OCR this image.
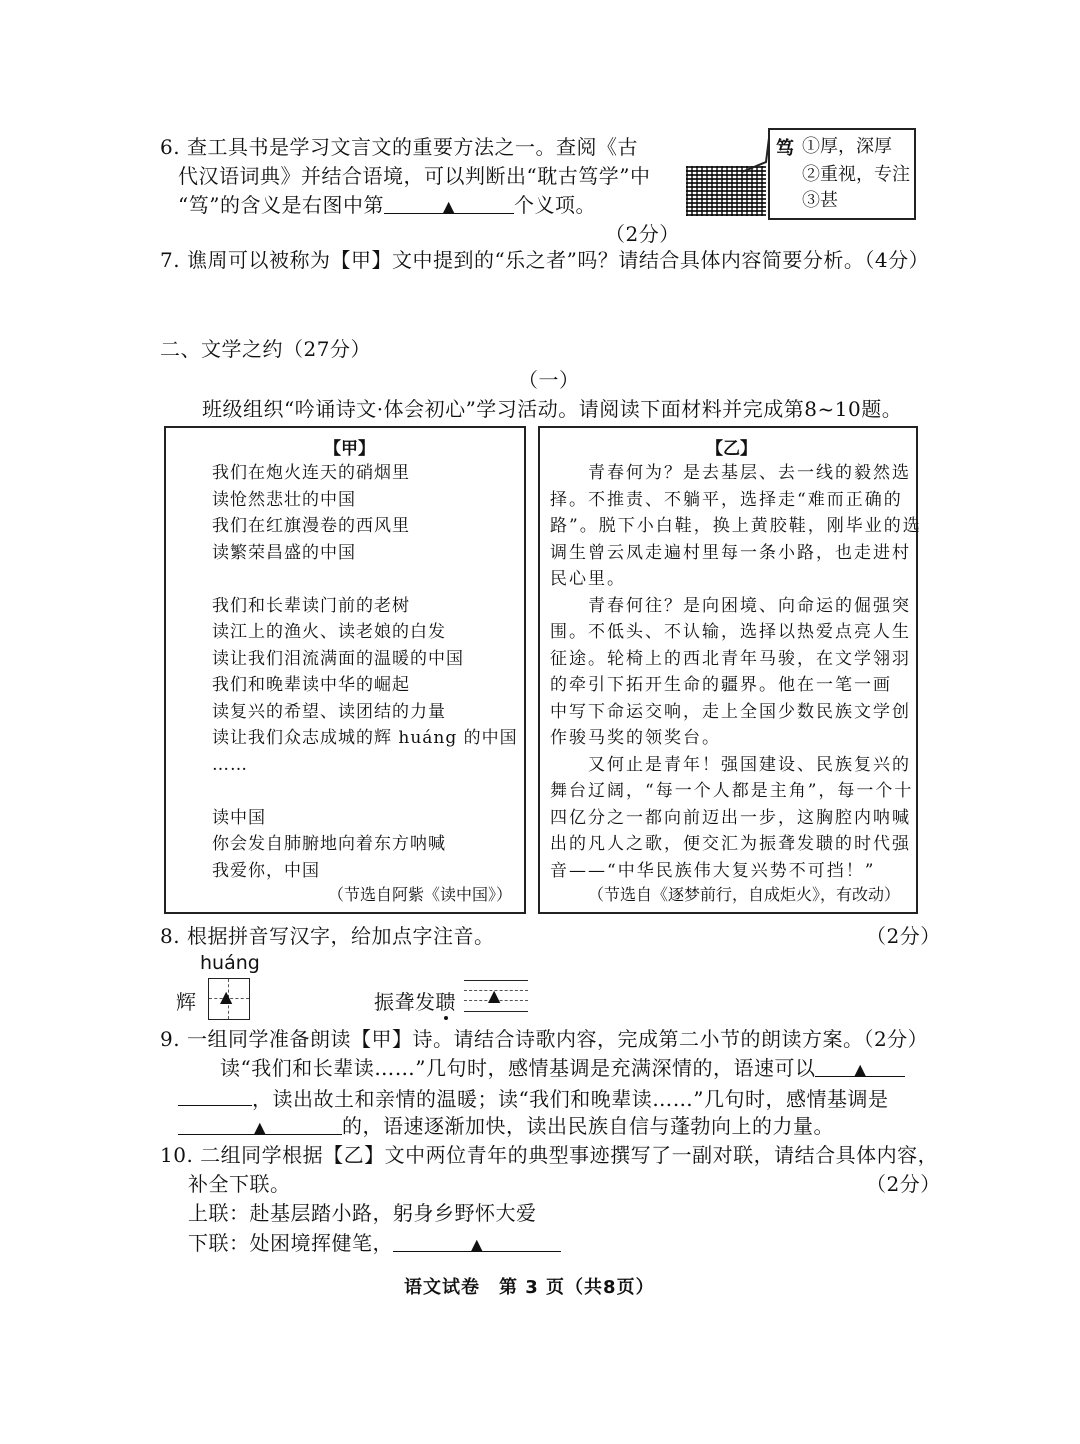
6. 查工具书是学习文言文的重要方法之一。查阅《古
代汉语词典》并结合语境，可以判断出“耽古笃学”中
“笃”的含义是右图中第	▲	个义项。
（2分）
笃 ①厚，深厚
②重视，专注
③甚
7. 谯周可以被称为【甲】文中提到的“乐之者”吗？请结合具体内容简要分析。（4分）
二、文学之约（27分）
（一）
班级组织“吟诵诗文·体会初心”学习活动。请阅读下面材料并完成第8~10题。
【甲】
我们在炮火连天的硝烟里
读怆然悲壮的中国
我们在红旗漫卷的西风里
读繁荣昌盛的中国
我们和长辈读门前的老树
读江上的渔火、读老娘的白发
读让我们泪流满面的温暖的中国
我们和晚辈读中华的崛起
读复兴的希望、读团结的力量
读让我们众志成城的辉 huáng 的中国
……
读中国
你会发自肺腑地向着东方呐喊
我爱你，中国
（节选自阿紫《读中国》）
【乙】
　　青春何为？是去基层、去一线的毅然选
择。不推责、不躺平，选择走“难而正确的
路”。脱下小白鞋，换上黄胶鞋，刚毕业的选
调生曾云凤走遍村里每一条小路，也走进村
民心里。
　　青春何往？是向困境、向命运的倔强突
围。不低头、不认输，选择以热爱点亮人生
征途。轮椅上的西北青年马骏，在文学翎羽
的牵引下拓开生命的疆界。他在一笔一画
中写下命运交响，走上全国少数民族文学创
作骏马奖的领奖台。
　　又何止是青年！强国建设、民族复兴的
舞台辽阔，“每一个人都是主角”，每一个十
四亿分之一都向前迈出一步，这胸腔内呐喊
出的凡人之歌，便交汇为振聋发聩的时代强
音——“中华民族伟大复兴势不可挡！”
（节选自《逐梦前行，自成炬火》，有改动）
8. 根据拼音写汉字，给加点字注音。	（2分）
huáng
辉 ▲	振聋发聩 ▲
9. 一组同学准备朗读【甲】诗。请结合诗歌内容，完成第二小节的朗读方案。（2分）
读“我们和长辈读……”几句时，感情基调是充满深情的，语速可以 ▲
，读出故土和亲情的温暖；读“我们和晚辈读……”几句时，感情基调是
▲	的，语速逐渐加快，读出民族自信与蓬勃向上的力量。
10. 二组同学根据【乙】文中两位青年的典型事迹撰写了一副对联，请结合具体内容，
补全下联。	（2分）
上联：赴基层踏小路，躬身乡野怀大爱
下联：处困境挥健笔，	▲
语文试卷　第 3 页（共8页）
